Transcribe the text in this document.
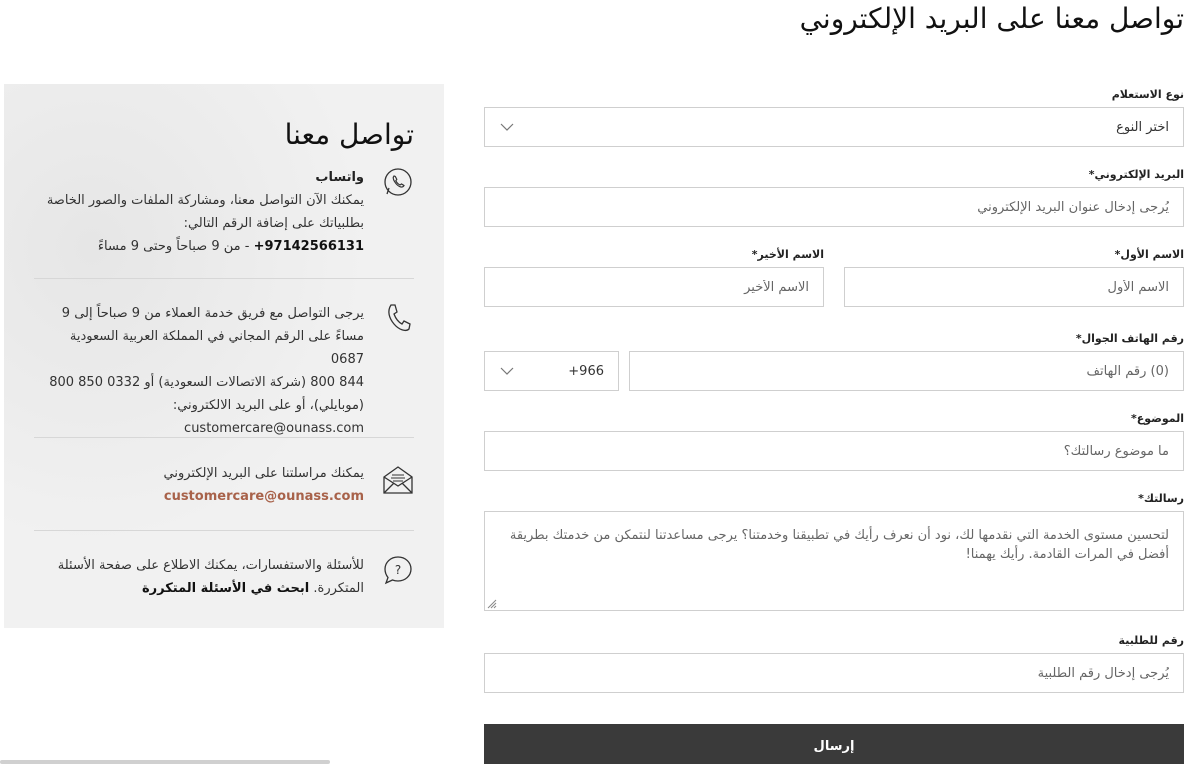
تواصل معنا على البريد الإلكتروني
نوع الاستعلام
اختر النوع
البريد الإلكتروني*
يُرجى إدخال عنوان البريد الإلكتروني
الاسم الأول*
الاسم الأول
الاسم الأخير*
الاسم الأخير
رقم الهاتف الجوال*
+966
(0) رقم الهاتف
الموضوع*
ما موضوع رسالتك؟
رسالتك*
لتحسين مستوى الخدمة التي نقدمها لك، نود أن نعرف رأيك في تطبيقنا وخدمتنا؟ يرجى مساعدتنا لنتمكن من خدمتك بطريقة أفضل في المرات القادمة. رأيك يهمنا!
رقم للطلبية
يُرجى إدخال رقم الطلبية
إرسال
تواصل معنا
واتساب
يمكنك الآن التواصل معنا، ومشاركة الملفات والصور الخاصة
بطلبياتك على إضافة الرقم التالي:
97142566131+ - من 9 صباحاً وحتى 9 مساءً
يرجى التواصل مع فريق خدمة العملاء من 9 صباحاً إلى 9
مساءً على الرقم المجاني في المملكة العربية السعودية 0687
844 800 (شركة الاتصالات السعودية) أو 0332 850 800
(موبايلي)، أو على البريد الالكتروني:
customercare@ounass.com
يمكنك مراسلتنا على البريد الإلكتروني
customercare@ounass.com
?
للأسئلة والاستفسارات، يمكنك الاطلاع على صفحة الأسئلة
المتكررة. ابحث في الأسئلة المتكررة
